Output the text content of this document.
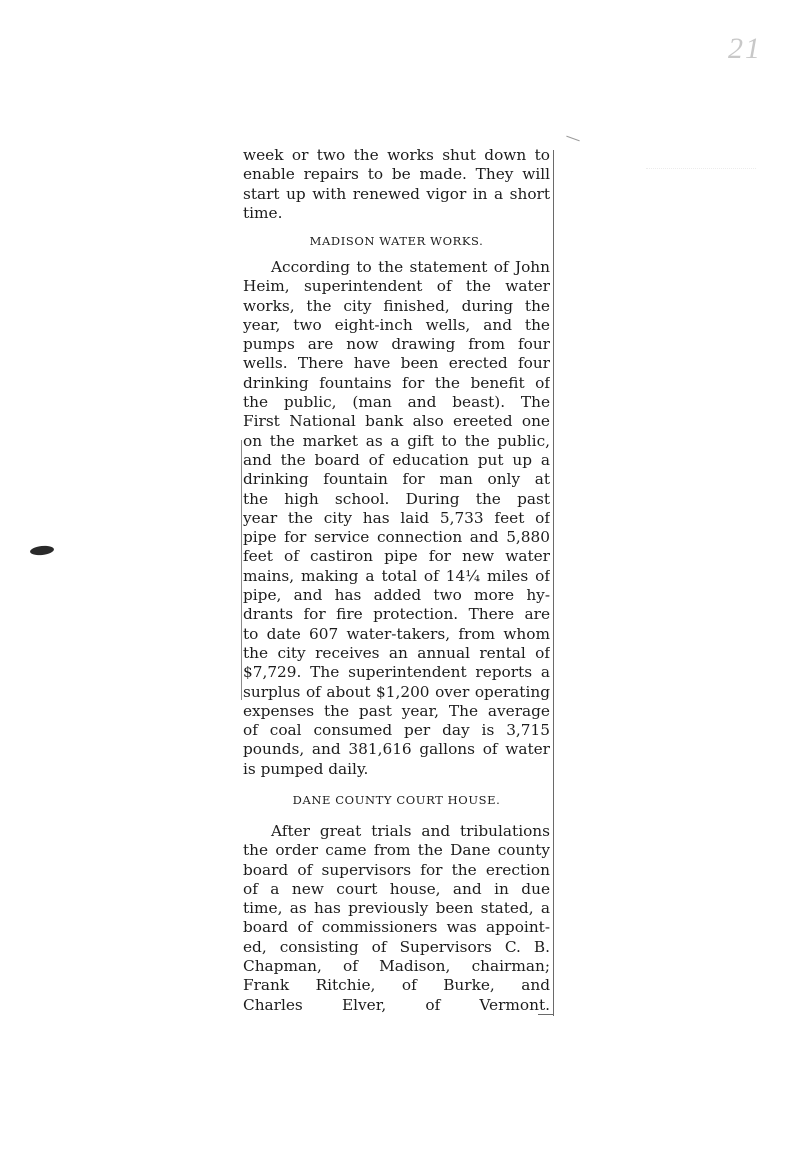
21
week or two the works shut down to
enable repairs to be made. They will
start up with renewed vigor in a short
time.
MADISON WATER WORKS.
According to the statement of John
Heim, superintendent of the water
works, the city finished, during the
year, two eight-inch wells, and the
pumps are now drawing from four
wells. There have been erected four
drinking fountains for the benefit of
the public, (man and beast). The
First National bank also ereeted one
on the market as a gift to the public,
and the board of education put up a
drinking fountain for man only at
the high school. During the past
year the city has laid 5,733 feet of
pipe for service connection and 5,880
feet of castiron pipe for new water
mains, making a total of 14¼ miles of
pipe, and has added two more hy-
drants for fire protection. There are
to date 607 water-takers, from whom
the city receives an annual rental of
$7,729. The superintendent reports a
surplus of about $1,200 over operating
expenses the past year, The average
of coal consumed per day is 3,715
pounds, and 381,616 gallons of water
is pumped daily.
DANE COUNTY COURT HOUSE.
After great trials and tribulations
the order came from the Dane county
board of supervisors for the erection
of a new court house, and in due
time, as has previously been stated, a
board of commissioners was appoint-
ed, consisting of Supervisors C. B.
Chapman, of Madison, chairman;
Frank Ritchie, of Burke, and
Charles Elver, of Vermont.
